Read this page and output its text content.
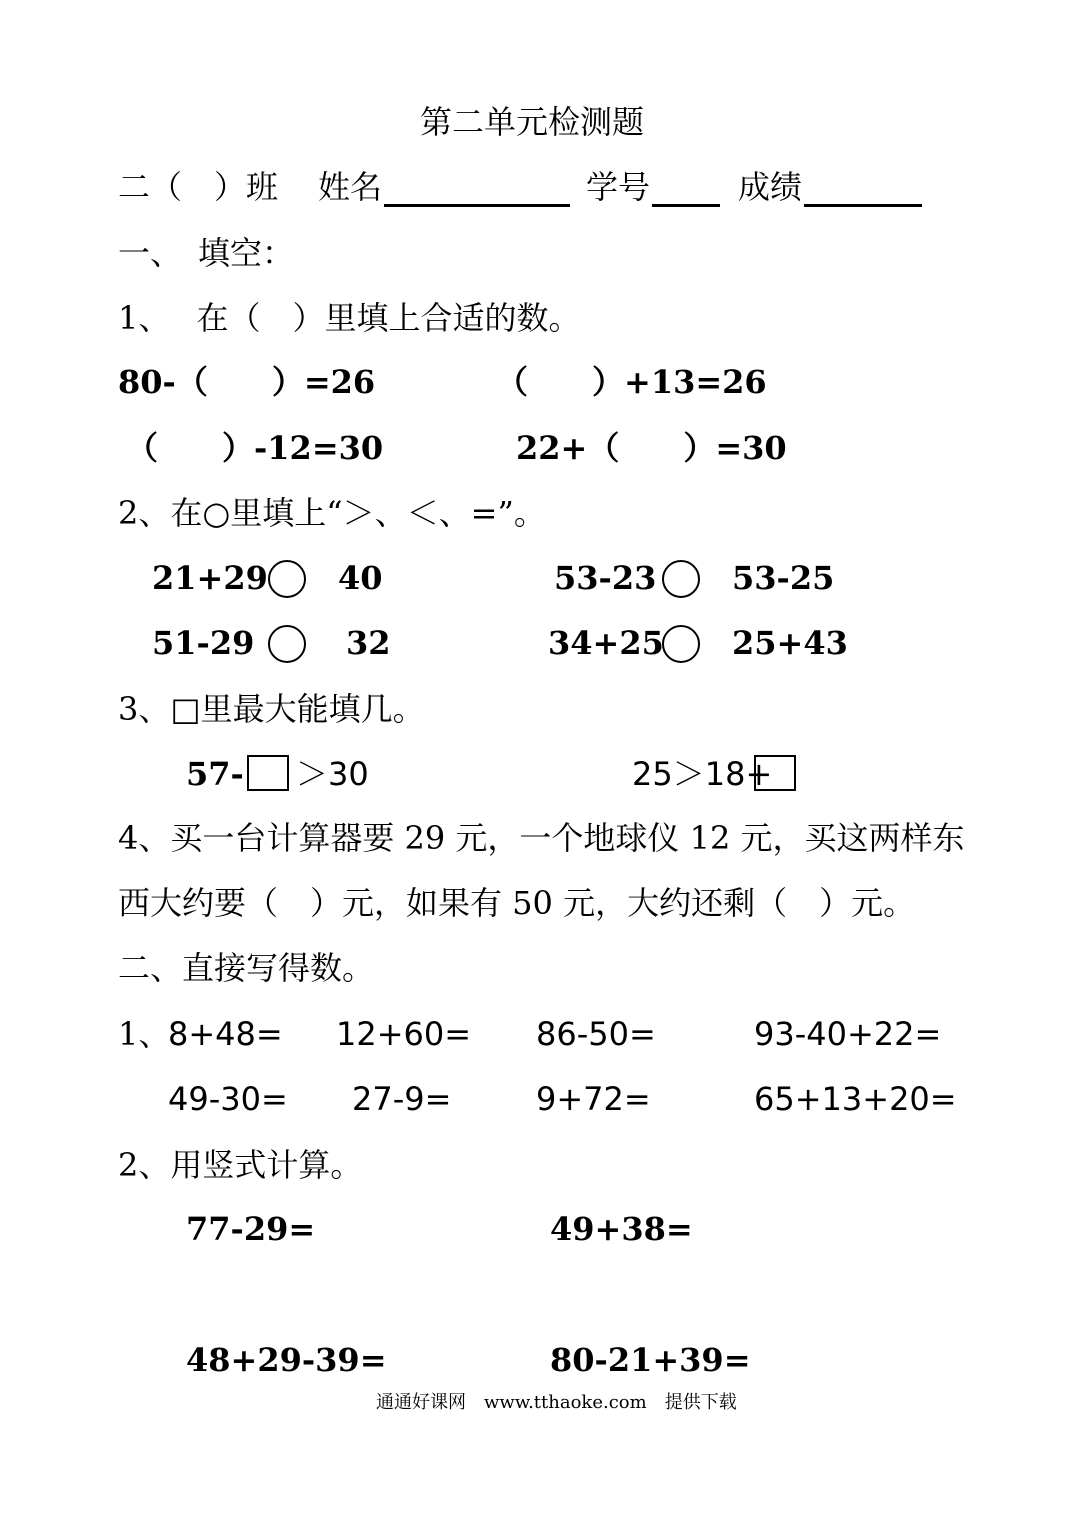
第二单元检测题
二（　）班 姓名	学号	成绩
一、　填空：
1、　 在（　）里填上合适的数。
80-（　　）=26	（　　）+13=26
（　　）-12=30	22+（　　）=30
2、在○里填上“＞、＜、=”。
21+29 40	53-23 53-25
51-29	32	34+25 25+43
3、□里最大能填几。
57- ＞30	25＞18+
4、买一台计算器要 29 元，一个地球仪 12 元，买这两样东
西大约要（　）元，如果有 50 元，大约还剩（　）元。
二、直接写得数。
1、
8+48= 12+60= 86-50=	93-40+22=
49-30= 27-9=	9+72=	65+13+20=
2、用竖式计算。
77-29=	49+38=
48+29-39=	80-21+39=
通通好课网　www.tthaoke.com　提供下载
